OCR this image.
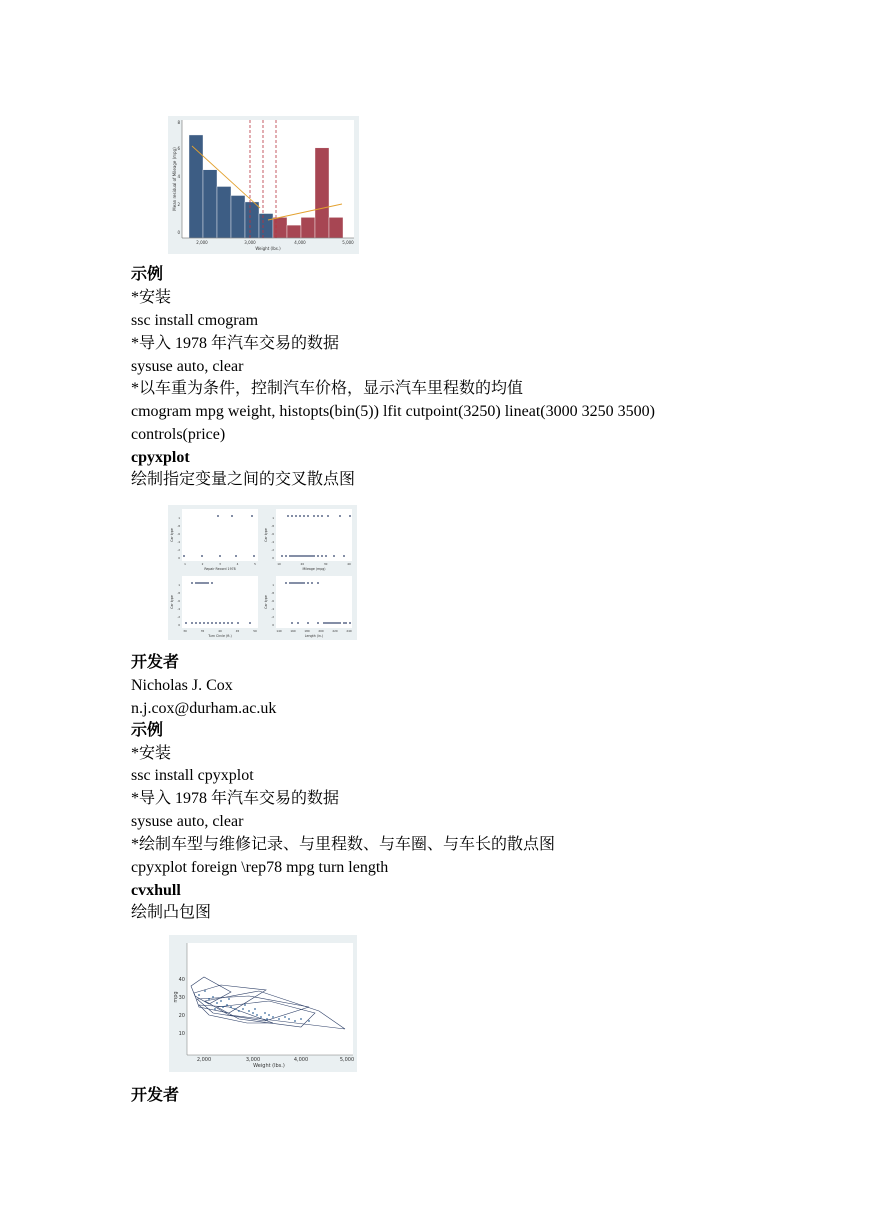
0
2
4
6
8
2,000	3,000	4,000	5,000
Weight (lbs.)
Mean residual of Mileage (mpg)
示例
*安装
ssc install cmogram
*导入 1978 年汽车交易的数据
sysuse auto, clear
*以车重为条件，控制汽车价格，显示汽车里程数的均值
cmogram mpg weight, histopts(bin(5)) lfit cutpoint(3250) lineat(3000 3250 3500)
controls(price)
cpyxplot
绘制指定变量之间的交叉散点图
Repair Record 1978	Mileage (mpg)
Turn Circle (ft.)	Length (in.)
Car type	Car type
Car type	Car type
1	2	3	4	5
0
.2
.4
.6
.8
1
10	20	30	40
0
.2
.4
.6
.8
1
30	35	40	45	50
0
.2
.4
.6
.8
1
140	160	180	200	220	240
0
.2
.4
.6
.8
1
开发者
Nicholas J. Cox
n.j.cox@durham.ac.uk
示例
*安装
ssc install cpyxplot
*导入 1978 年汽车交易的数据
sysuse auto, clear
*绘制车型与维修记录、与里程数、与车圈、与车长的散点图
cpyxplot foreign \rep78 mpg turn length
cvxhull
绘制凸包图
10
20
30
40
2,000	3,000	4,000	5,000
Weight (lbs.)
mpg
开发者
